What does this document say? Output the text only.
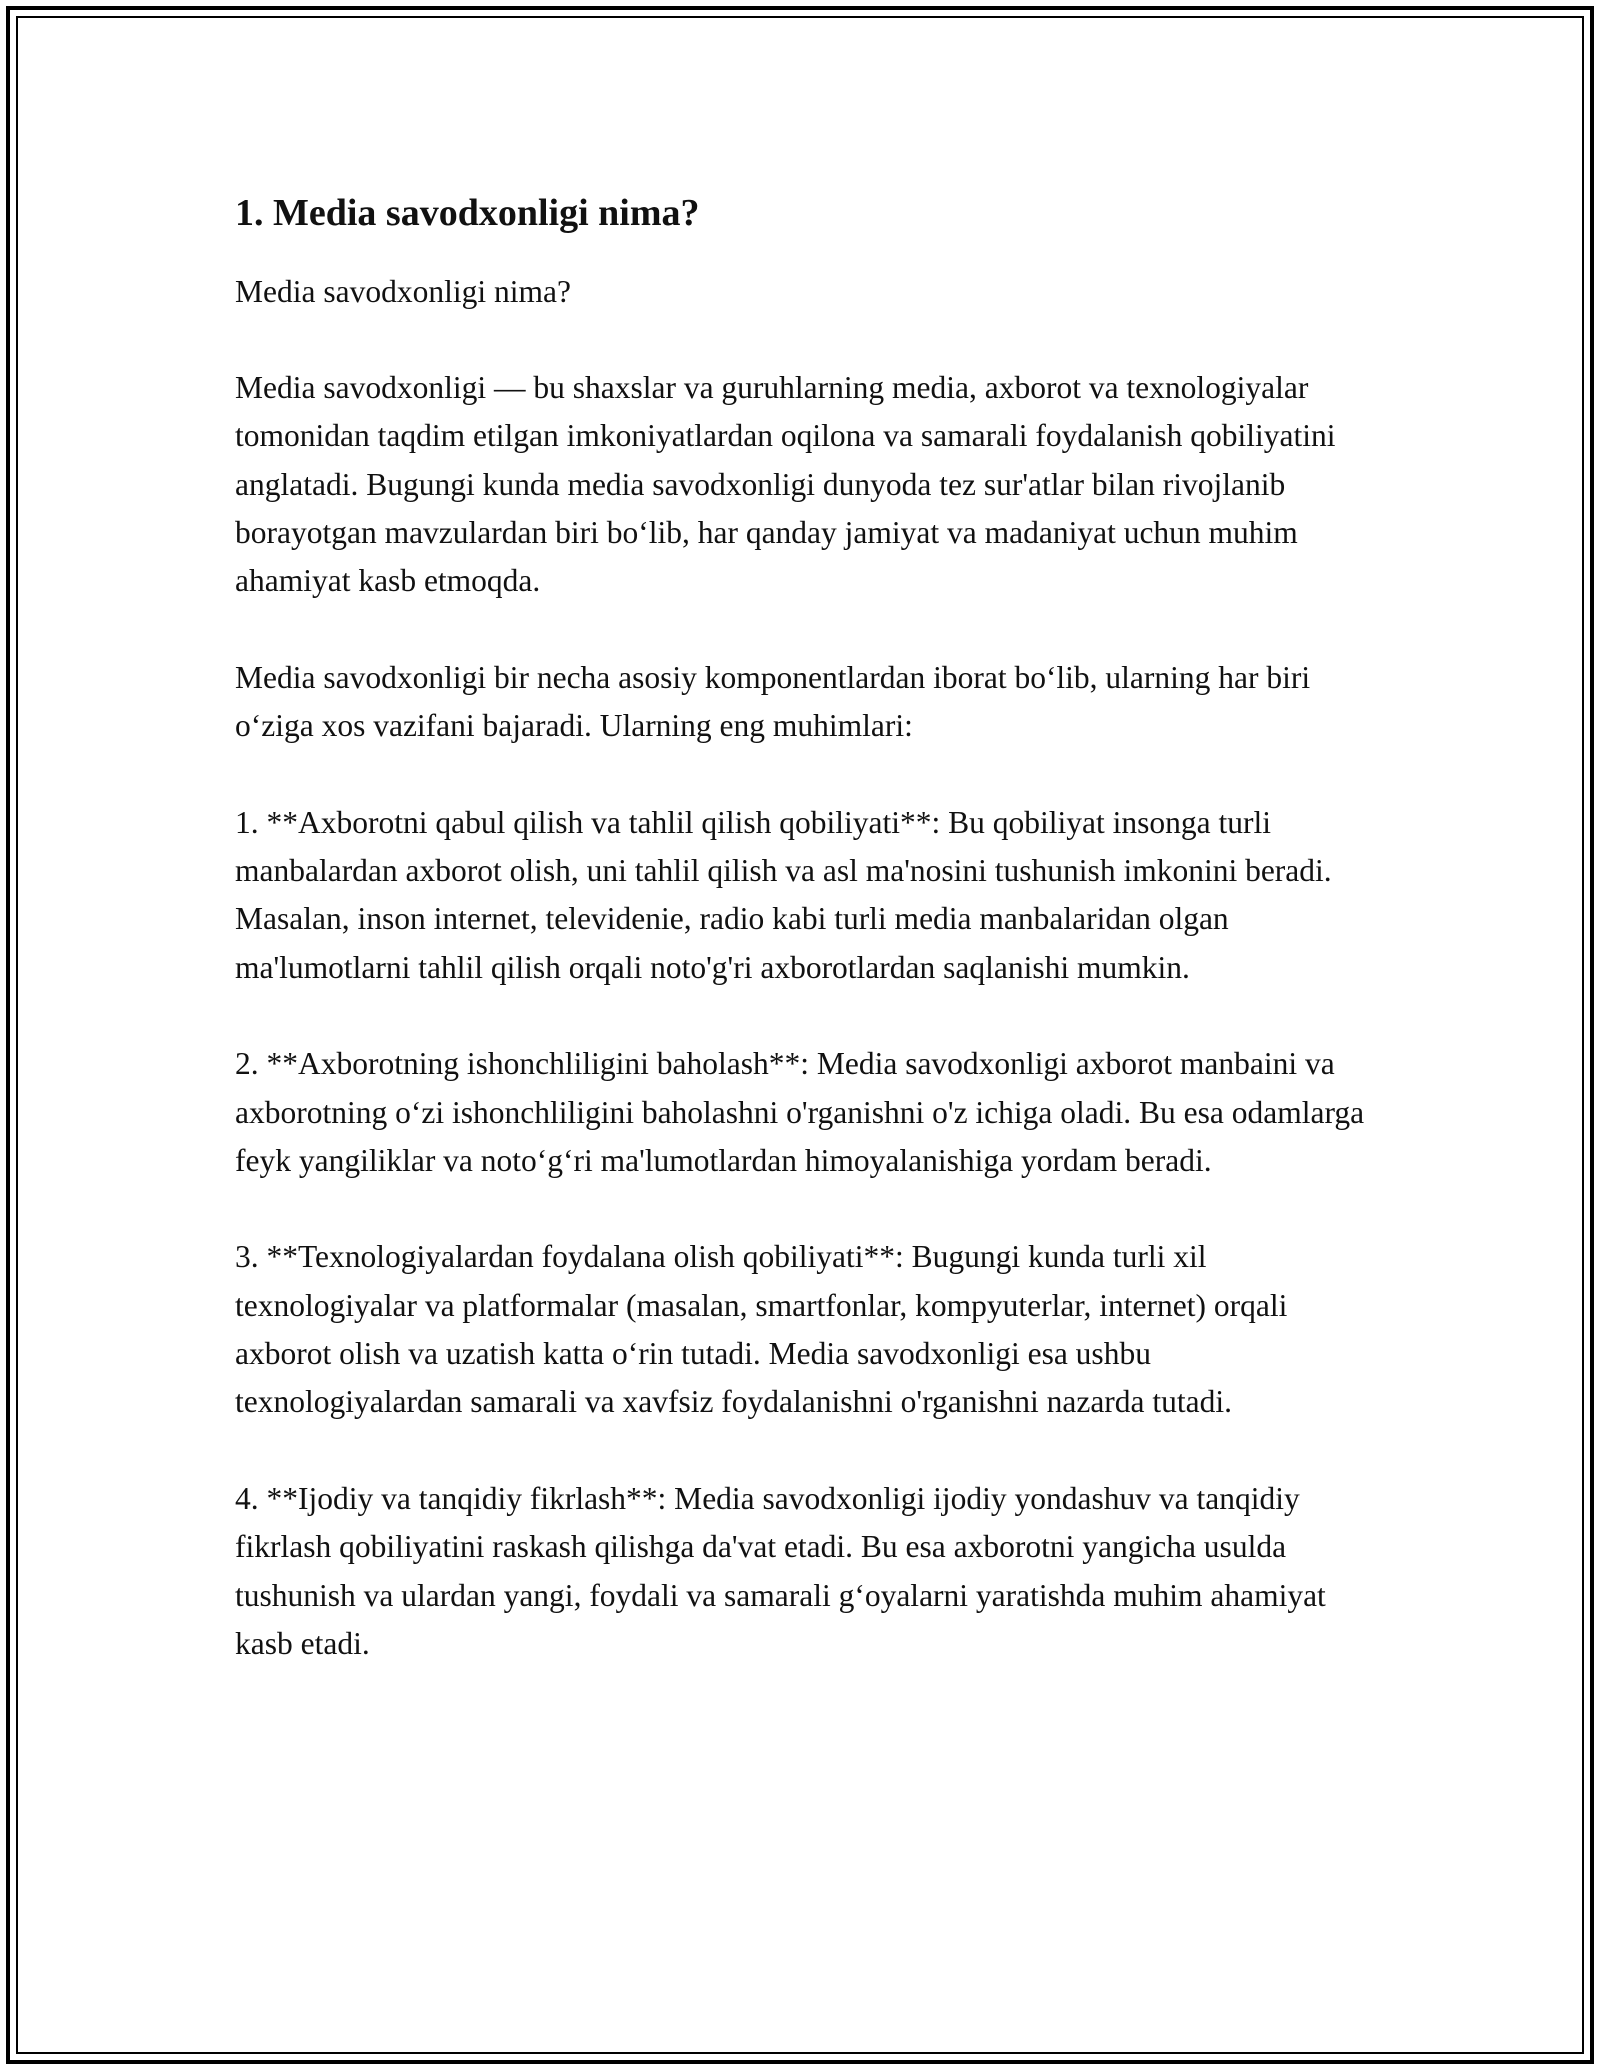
1. Media savodxonligi nima?

Media savodxonligi nima?

Media savodxonligi — bu shaxslar va guruhlarning media, axborot va texnologiyalar tomonidan taqdim etilgan imkoniyatlardan oqilona va samarali foydalanish qobiliyatini anglatadi. Bugungi kunda media savodxonligi dunyoda tez sur'atlar bilan rivojlanib borayotgan mavzulardan biri bo‘lib, har qanday jamiyat va madaniyat uchun muhim ahamiyat kasb etmoqda.

Media savodxonligi bir necha asosiy komponentlardan iborat bo‘lib, ularning har biri o‘ziga xos vazifani bajaradi. Ularning eng muhimlari:

1. **Axborotni qabul qilish va tahlil qilish qobiliyati**: Bu qobiliyat insonga turli manbalardan axborot olish, uni tahlil qilish va asl ma'nosini tushunish imkonini beradi. Masalan, inson internet, televidenie, radio kabi turli media manbalaridan olgan ma'lumotlarni tahlil qilish orqali noto'g'ri axborotlardan saqlanishi mumkin.

2. **Axborotning ishonchliligini baholash**: Media savodxonligi axborot manbaini va axborotning o‘zi ishonchliligini baholashni o'rganishni o'z ichiga oladi. Bu esa odamlarga feyk yangiliklar va noto‘g‘ri ma'lumotlardan himoyalanishiga yordam beradi.

3. **Texnologiyalardan foydalana olish qobiliyati**: Bugungi kunda turli xil texnologiyalar va platformalar (masalan, smartfonlar, kompyuterlar, internet) orqali axborot olish va uzatish katta o‘rin tutadi. Media savodxonligi esa ushbu texnologiyalardan samarali va xavfsiz foydalanishni o'rganishni nazarda tutadi.

4. **Ijodiy va tanqidiy fikrlash**: Media savodxonligi ijodiy yondashuv va tanqidiy fikrlash qobiliyatini raskash qilishga da'vat etadi. Bu esa axborotni yangicha usulda tushunish va ulardan yangi, foydali va samarali g‘oyalarni yaratishda muhim ahamiyat kasb etadi.
